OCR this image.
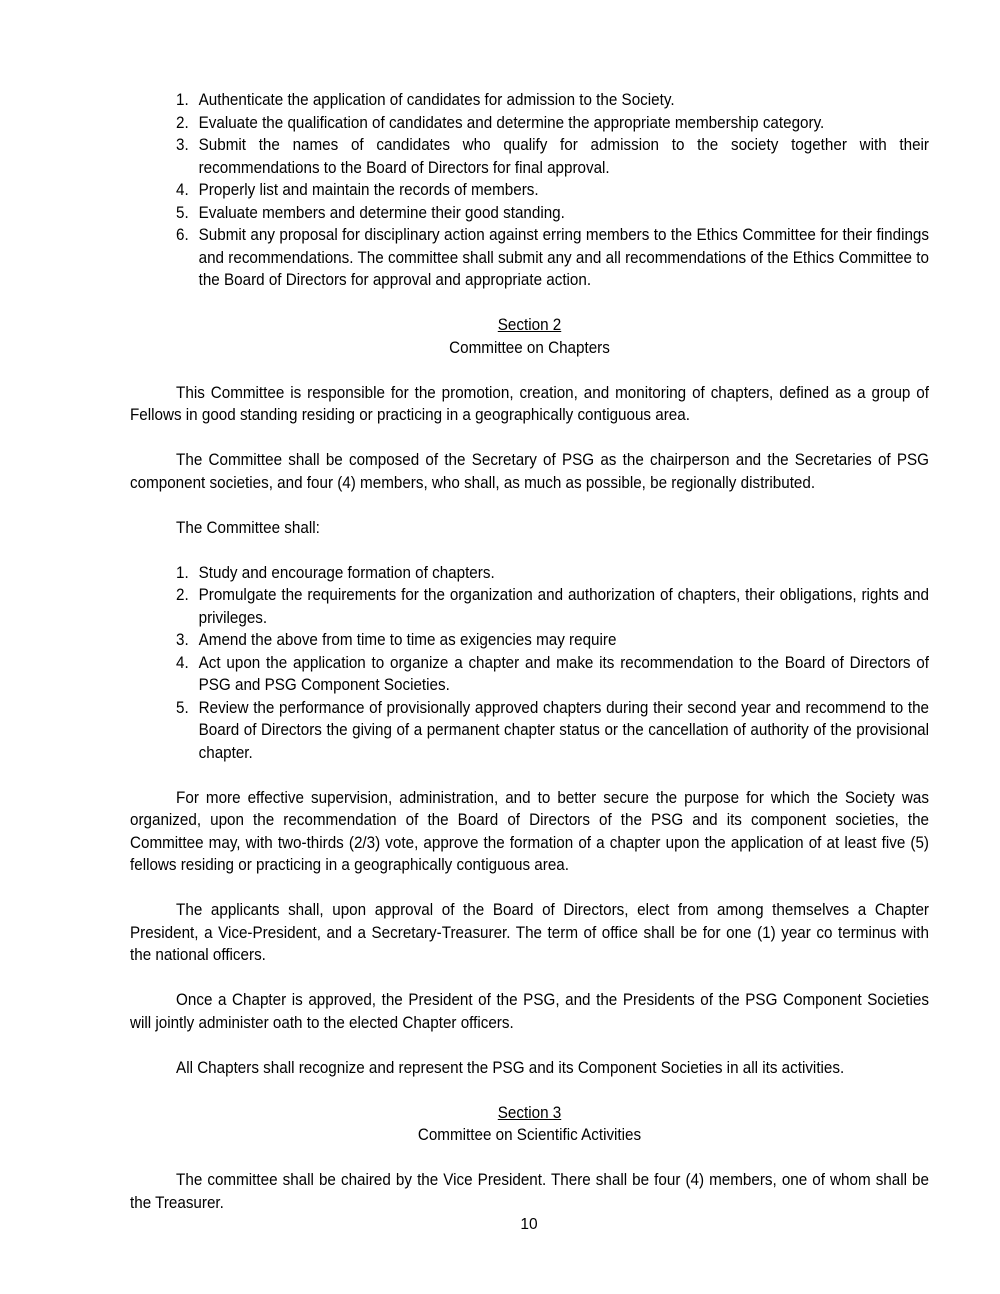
1. Authenticate the application of candidates for admission to the Society.
2. Evaluate the qualification of candidates and determine the appropriate membership category.
3. Submit the names of candidates who qualify for admission to the society together with their recommendations to the Board of Directors for final approval.
4. Properly list and maintain the records of members.
5. Evaluate members and determine their good standing.
6. Submit any proposal for disciplinary action against erring members to the Ethics Committee for their findings and recommendations. The committee shall submit any and all recommendations of the Ethics Committee to the Board of Directors for approval and appropriate action.
Section 2
Committee on Chapters

This Committee is responsible for the promotion, creation, and monitoring of chapters, defined as a group of Fellows in good standing residing or practicing in a geographically contiguous area.

The Committee shall be composed of the Secretary of PSG as the chairperson and the Secretaries of PSG component societies, and four (4) members, who shall, as much as possible, be regionally distributed.

The Committee shall:

1. Study and encourage formation of chapters.
2. Promulgate the requirements for the organization and authorization of chapters, their obligations, rights and privileges.
3. Amend the above from time to time as exigencies may require
4. Act upon the application to organize a chapter and make its recommendation to the Board of Directors of PSG and PSG Component Societies.
5. Review the performance of provisionally approved chapters during their second year and recommend to the Board of Directors the giving of a permanent chapter status or the cancellation of authority of the provisional chapter.

For more effective supervision, administration, and to better secure the purpose for which the Society was organized, upon the recommendation of the Board of Directors of the PSG and its component societies, the Committee may, with two-thirds (2/3) vote, approve the formation of a chapter upon the application of at least five (5) fellows residing or practicing in a geographically contiguous area.

The applicants shall, upon approval of the Board of Directors, elect from among themselves a Chapter President, a Vice-President, and a Secretary-Treasurer. The term of office shall be for one (1) year co terminus with the national officers.

Once a Chapter is approved, the President of the PSG, and the Presidents of the PSG Component Societies will jointly administer oath to the elected Chapter officers.

All Chapters shall recognize and represent the PSG and its Component Societies in all its activities.

Section 3
Committee on Scientific Activities

The committee shall be chaired by the Vice President. There shall be four (4) members, one of whom shall be the Treasurer.

10
